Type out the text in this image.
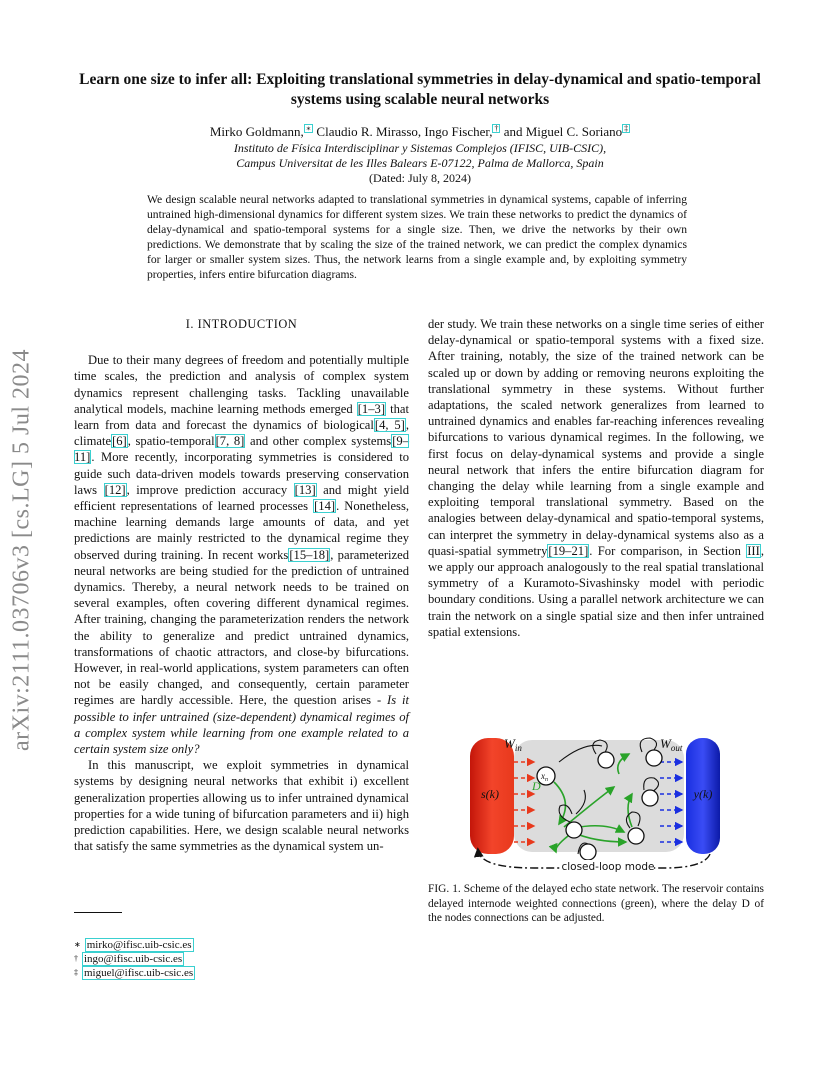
arXiv:2111.03706v3 [cs.LG] 5 Jul 2024
Learn one size to infer all: Exploiting translational symmetries in delay-dynamical and spatio-temporal systems using scalable neural networks
Mirko Goldmann, ∗ Claudio R. Mirasso, Ingo Fischer, † and Miguel C. Soriano ‡
Instituto de Física Interdisciplinar y Sistemas Complejos (IFISC, UIB-CSIC),
Campus Universitat de les Illes Balears E-07122, Palma de Mallorca, Spain
(Dated: July 8, 2024)
We design scalable neural networks adapted to translational symmetries in dynamical systems, capable of inferring untrained high-dimensional dynamics for different system sizes. We train these networks to predict the dynamics of delay-dynamical and spatio-temporal systems for a single size. Then, we drive the networks by their own predictions. We demonstrate that by scaling the size of the trained network, we can predict the complex dynamics for larger or smaller system sizes. Thus, the network learns from a single example and, by exploiting symmetry properties, infers entire bifurcation diagrams.
I. INTRODUCTION

Due to their many degrees of freedom and potentially multiple time scales, the prediction and analysis of complex system dynamics represent challenging tasks. Tackling unavailable analytical models, machine learning methods emerged [1–3] that learn from data and forecast the dynamics of biological[4, 5], climate[6], spatio-temporal[7, 8] and other complex systems[9–11]. More recently, incorporating symmetries is considered to guide such data-driven models towards preserving conservation laws [12], improve prediction accuracy [13] and might yield efficient representations of learned processes [14]. Nonetheless, machine learning demands large amounts of data, and yet predictions are mainly restricted to the dynamical regime they observed during training. In recent works[15–18], parameterized neural networks are being studied for the prediction of untrained dynamics. Thereby, a neural network needs to be trained on several examples, often covering different dynamical regimes. After training, changing the parameterization renders the network the ability to generalize and predict untrained dynamics, transformations of chaotic attractors, and close-by bifurcations. However, in real-world applications, system parameters can often not be easily changed, and consequently, certain parameter regimes are hardly accessible. Here, the question arises - Is it possible to infer untrained (size-dependent) dynamical regimes of a complex system while learning from one example related to a certain system size only?

In this manuscript, we exploit symmetries in dynamical systems by designing neural networks that exhibit i) excellent generalization properties allowing us to infer untrained dynamical properties for a wide tuning of bifurcation parameters and ii) high prediction capabilities. Here, we design scalable neural networks that satisfy the same symmetries as the dynamical system un-

der study. We train these networks on a single time series of either delay-dynamical or spatio-temporal systems with a fixed size. After training, notably, the size of the trained network can be scaled up or down by adding or removing neurons exploiting the translational symmetry in these systems. Without further adaptations, the scaled network generalizes from learned to untrained dynamics and enables far-reaching inferences revealing bifurcations to various dynamical regimes. In the following, we first focus on delay-dynamical systems and provide a single neural network that infers the entire bifurcation diagram for changing the delay while learning from a single example and exploiting temporal translational symmetry. Based on the analogies between delay-dynamical and spatio-temporal systems, can interpret the symmetry in delay-dynamical systems also as a quasi-spatial symmetry[19–21]. For comparison, in Section III, we apply our approach analogously to the real spatial translational symmetry of a Kuramoto-Sivashinsky model with periodic boundary conditions. Using a parallel network architecture we can train the network on a single spatial size and then infer untrained spatial extensions.

s(k)	y(k)
$W_{in}$	$W_{out}$
$x_n$
D
closed-loop mode
FIG. 1. Scheme of the delayed echo state network. The reservoir contains delayed internode weighted connections (green), where the delay D of the nodes connections can be adjusted.
∗ mirko@ifisc.uib-csic.es
† ingo@ifisc.uib-csic.es
‡ miguel@ifisc.uib-csic.es
